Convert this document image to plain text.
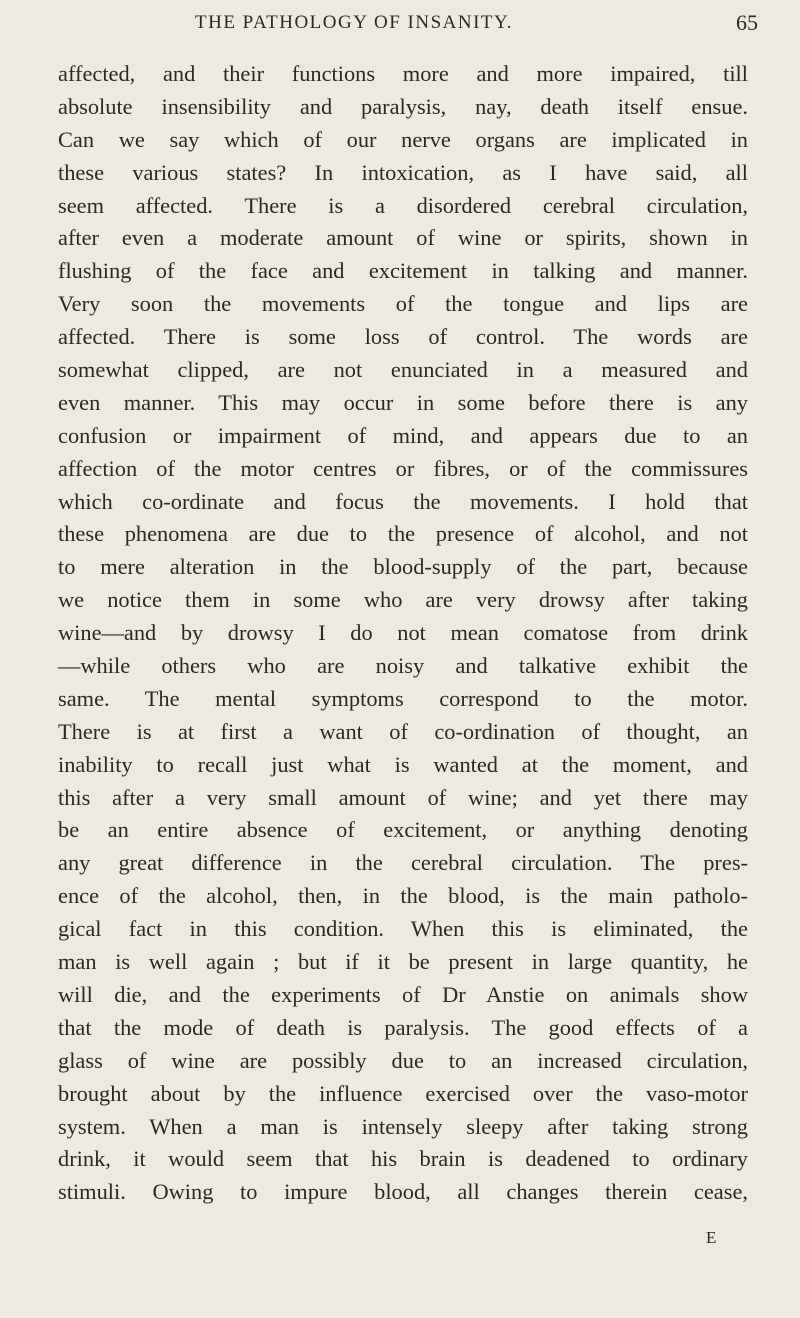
THE PATHOLOGY OF INSANITY.	65
affected, and their functions more and more impaired, till
absolute insensibility and paralysis, nay, death itself ensue.
Can we say which of our nerve organs are implicated in
these various states? In intoxication, as I have said, all
seem affected. There is a disordered cerebral circulation,
after even a moderate amount of wine or spirits, shown in
flushing of the face and excitement in talking and manner.
Very soon the movements of the tongue and lips are
affected. There is some loss of control. The words are
somewhat clipped, are not enunciated in a measured and
even manner. This may occur in some before there is any
confusion or impairment of mind, and appears due to an
affection of the motor centres or fibres, or of the commissures
which co-ordinate and focus the movements. I hold that
these phenomena are due to the presence of alcohol, and not
to mere alteration in the blood-supply of the part, because
we notice them in some who are very drowsy after taking
wine—and by drowsy I do not mean comatose from drink
—while others who are noisy and talkative exhibit the
same. The mental symptoms correspond to the motor.
There is at first a want of co-ordination of thought, an
inability to recall just what is wanted at the moment, and
this after a very small amount of wine; and yet there may
be an entire absence of excitement, or anything denoting
any great difference in the cerebral circulation. The pres-
ence of the alcohol, then, in the blood, is the main patholo-
gical fact in this condition. When this is eliminated, the
man is well again ; but if it be present in large quantity, he
will die, and the experiments of Dr Anstie on animals show
that the mode of death is paralysis. The good effects of a
glass of wine are possibly due to an increased circulation,
brought about by the influence exercised over the vaso-motor
system. When a man is intensely sleepy after taking strong
drink, it would seem that his brain is deadened to ordinary
stimuli. Owing to impure blood, all changes therein cease,
E
